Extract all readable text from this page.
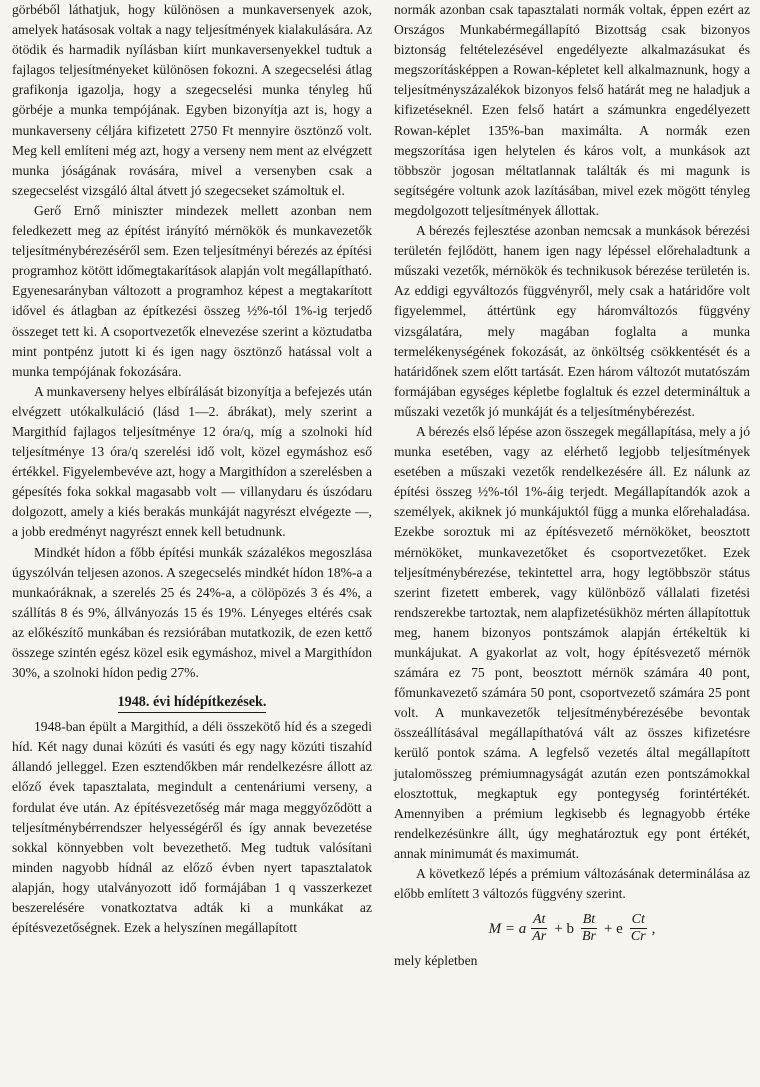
görbéből láthatjuk, hogy különösen a munkaversenyek azok, amelyek hatásosak voltak a nagy teljesítmények kialakulására. Az ötödik és harmadik nyílásban kiírt munkaversenyekkel tudtuk a fajlagos teljesítményeket különösen fokozni. A szegecselési átlag grafikonja igazolja, hogy a szegecselési munka tényleg hű görbéje a munka tempójának. Egyben bizonyítja azt is, hogy a munkaverseny céljára kifizetett 2750 Ft mennyire ösztönző volt. Meg kell említeni még azt, hogy a verseny nem ment az elvégzett munka jóságának rovására, mivel a versenyben csak a szegecselést vizsgáló által átvett jó szegecseket számoltuk el.

Gerő Ernő miniszter mindezek mellett azonban nem feledkezett meg az építést irányító mérnökök és munkavezetők teljesítménybérezéséről sem. Ezen teljesítményi bérezés az építési programhoz kötött időmegtakarítások alapján volt megállapítható. Egyenesarányban változott a programhoz képest a megtakarított idővel és átlagban az építkezési összeg ½%-tól 1%-ig terjedő összeget tett ki. A csoportvezetők elnevezése szerint a köztudatba mint pontpénz jutott ki és igen nagy ösztönző hatással volt a munka tempójának fokozására.

A munkaverseny helyes elbírálását bizonyítja a befejezés után elvégzett utókalkuláció (lásd 1—2. ábrákat), mely szerint a Margithíd fajlagos teljesítménye 12 óra/q, míg a szolnoki híd teljesítménye 13 óra/q szerelési idő volt, közel egymáshoz eső értékkel. Figyelembevéve azt, hogy a Margithídon a szerelésben a gépesítés foka sokkal magasabb volt — villanydaru és úszódaru dolgozott, amely a kiés berakás munkáját nagyrészt elvégezte —, a jobb eredményt nagyrészt ennek kell betudnunk.

Mindkét hídon a főbb építési munkák százalékos megoszlása úgyszólván teljesen azonos. A szegecselés mindkét hídon 18%-a a munkaóráknak, a szerelés 25 és 24%-a, a cölöpözés 3 és 4%, a szállítás 8 és 9%, állványozás 15 és 19%. Lényeges eltérés csak az előkészítő munkában és rezsiórában mutatkozik, de ezen kettő összege szintén egész közel esik egymáshoz, mivel a Margithídon 30%, a szolnoki hídon pedig 27%.

1948. évi hídépítkezések.

1948-ban épült a Margithíd, a déli összekötő híd és a szegedi híd. Két nagy dunai közúti és vasúti és egy nagy közúti tiszahíd állandó jelleggel. Ezen esztendőkben már rendelkezésre állott az előző évek tapasztalata, megindult a centenáriumi verseny, a fordulat éve után. Az építésvezetőség már maga meggyőződött a teljesítménybérrendszer helyességéről és így annak bevezetése sokkal könnyebben volt bevezethető. Meg tudtuk valósítani minden nagyobb hídnál az előző évben nyert tapasztalatok alapján, hogy utalványozott idő formájában 1 q vasszerkezet beszerelésére vonatkoztatva adták ki a munkákat az építésvezetőségnek. Ezek a helyszínen megállapított

normák azonban csak tapasztalati normák voltak, éppen ezért az Országos Munkabérmegállapító Bizottság csak bizonyos biztonság feltételezésével engedélyezte alkalmazásukat és megszorításképpen a Rowan-képletet kell alkalmaznunk, hogy a teljesítményszázalékok bizonyos felső határát meg ne haladjuk a kifizetéseknél. Ezen felső határt a számunkra engedélyezett Rowan-képlet 135%-ban maximálta. A normák ezen megszorítása igen helytelen és káros volt, a munkások azt többször jogosan méltatlannak találták és mi magunk is segítségére voltunk azok lazításában, mivel ezek mögött tényleg megdolgozott teljesítmények állottak.

A bérezés fejlesztése azonban nemcsak a munkások bérezési területén fejlődött, hanem igen nagy lépéssel előrehaladtunk a műszaki vezetők, mérnökök és technikusok bérezése területén is. Az eddigi egyváltozós függvényről, mely csak a határidőre volt figyelemmel, áttértünk egy háromváltozós függvény vizsgálatára, mely magában foglalta a munka termelékenységének fokozását, az önköltség csökkentését és a határidőnek szem előtt tartását. Ezen három változót mutatószám formájában egységes képletbe foglaltuk és ezzel determináltuk a műszaki vezetők jó munkáját és a teljesítménybérezést.

A bérezés első lépése azon összegek megállapítása, mely a jó munka esetében, vagy az elérhető legjobb teljesítmények esetében a műszaki vezetők rendelkezésére áll. Ez nálunk az építési összeg ½%-tól 1%-áig terjedt. Megállapítandók azok a személyek, akiknek jó munkájuktól függ a munka előrehaladása. Ezekbe soroztuk mi az építésvezető mérnököket, beosztott mérnököket, munkavezetőket és csoportvezetőket. Ezek teljesítménybérezése, tekintettel arra, hogy legtöbbször státus szerint fizetett emberek, vagy különböző vállalati fizetési rendszerekbe tartoztak, nem alapfizetésükhöz mérten állapítottuk meg, hanem bizonyos pontszámok alapján értékeltük ki munkájukat. A gyakorlat az volt, hogy építésvezető mérnök számára ez 75 pont, beosztott mérnök számára 40 pont, főmunkavezető számára 50 pont, csoportvezető számára 25 pont volt. A munkavezetők teljesítménybérezésébe bevontak összeállításával megállapíthatóvá vált az összes kifizetésre kerülő pontok száma. A legfelső vezetés által megállapított jutalomösszeg prémiumnagyságát azután ezen pontszámokkal elosztottuk, megkaptuk egy pontegység forintértékét. Amennyiben a prémium legkisebb és legnagyobb értéke rendelkezésünkre állt, úgy meghatároztuk egy pont értékét, annak minimumát és maximumát.

A következő lépés a prémium változásának determinálása az előbb említett 3 változós függvény szerint.

M = a $\frac{At}{Ar} + b \frac{Bt}{Br} + e \frac{Ct}{Cr}$ ,

mely képletben
